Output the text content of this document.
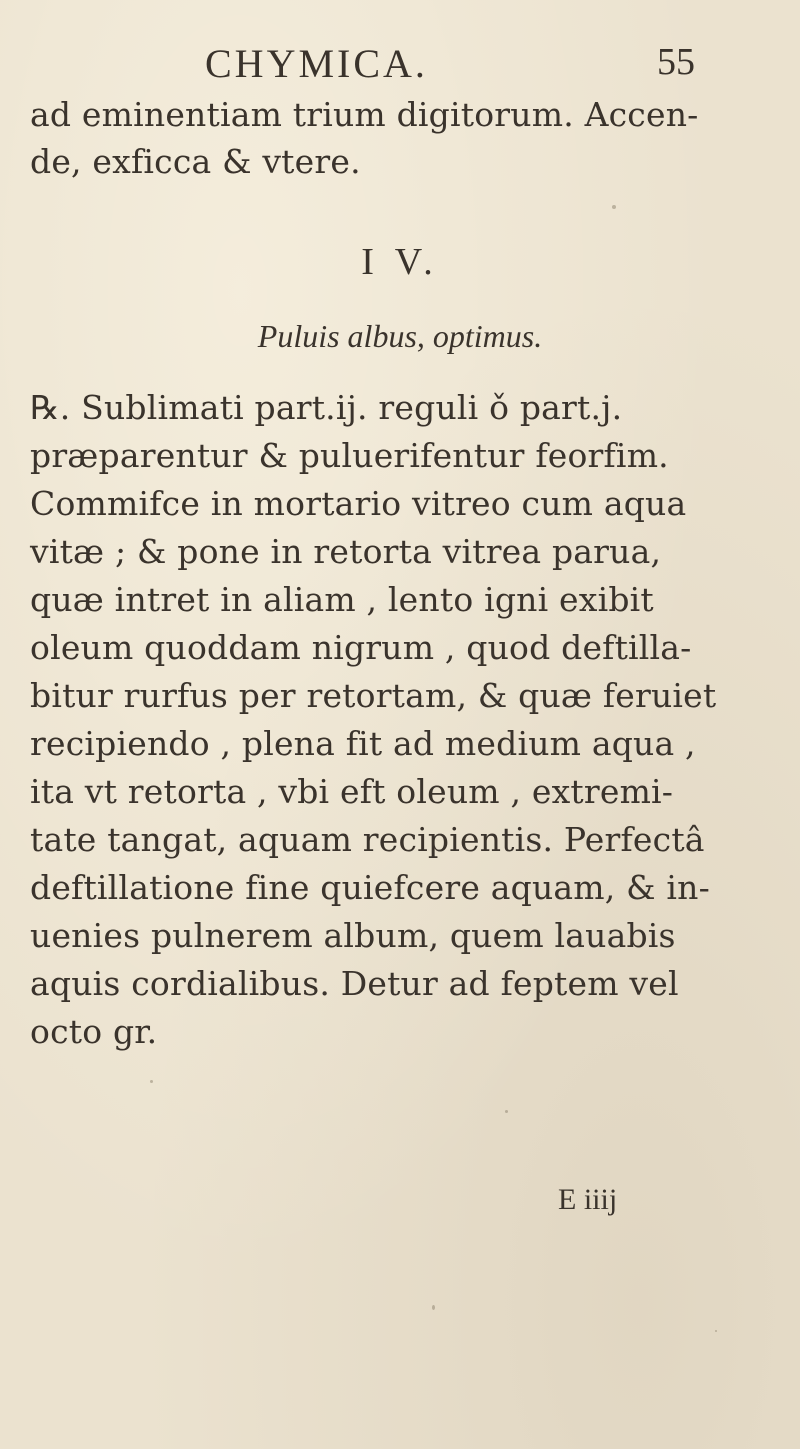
CHYMICA.	55
ad eminentiam trium digitorum. Accen-
de, exficca & vtere.
I V.
Puluis albus, optimus.
℞. Sublimati part.ij. reguli ǒ part.j.
præparentur & puluerifentur feorfim.
Commifce in mortario vitreo cum aqua
vitæ ; & pone in retorta vitrea parua,
quæ intret in aliam , lento igni exibit
oleum quoddam nigrum , quod deftilla-
bitur rurfus per retortam, & quæ feruiet
recipiendo , plena fit ad medium aqua ,
ita vt retorta , vbi eft oleum , extremi-
tate tangat, aquam recipientis. Perfectâ
deftillatione fine quiefcere aquam, & in-
uenies pulnerem album, quem lauabis
aquis cordialibus. Detur ad feptem vel
octo gr.
E iiij
